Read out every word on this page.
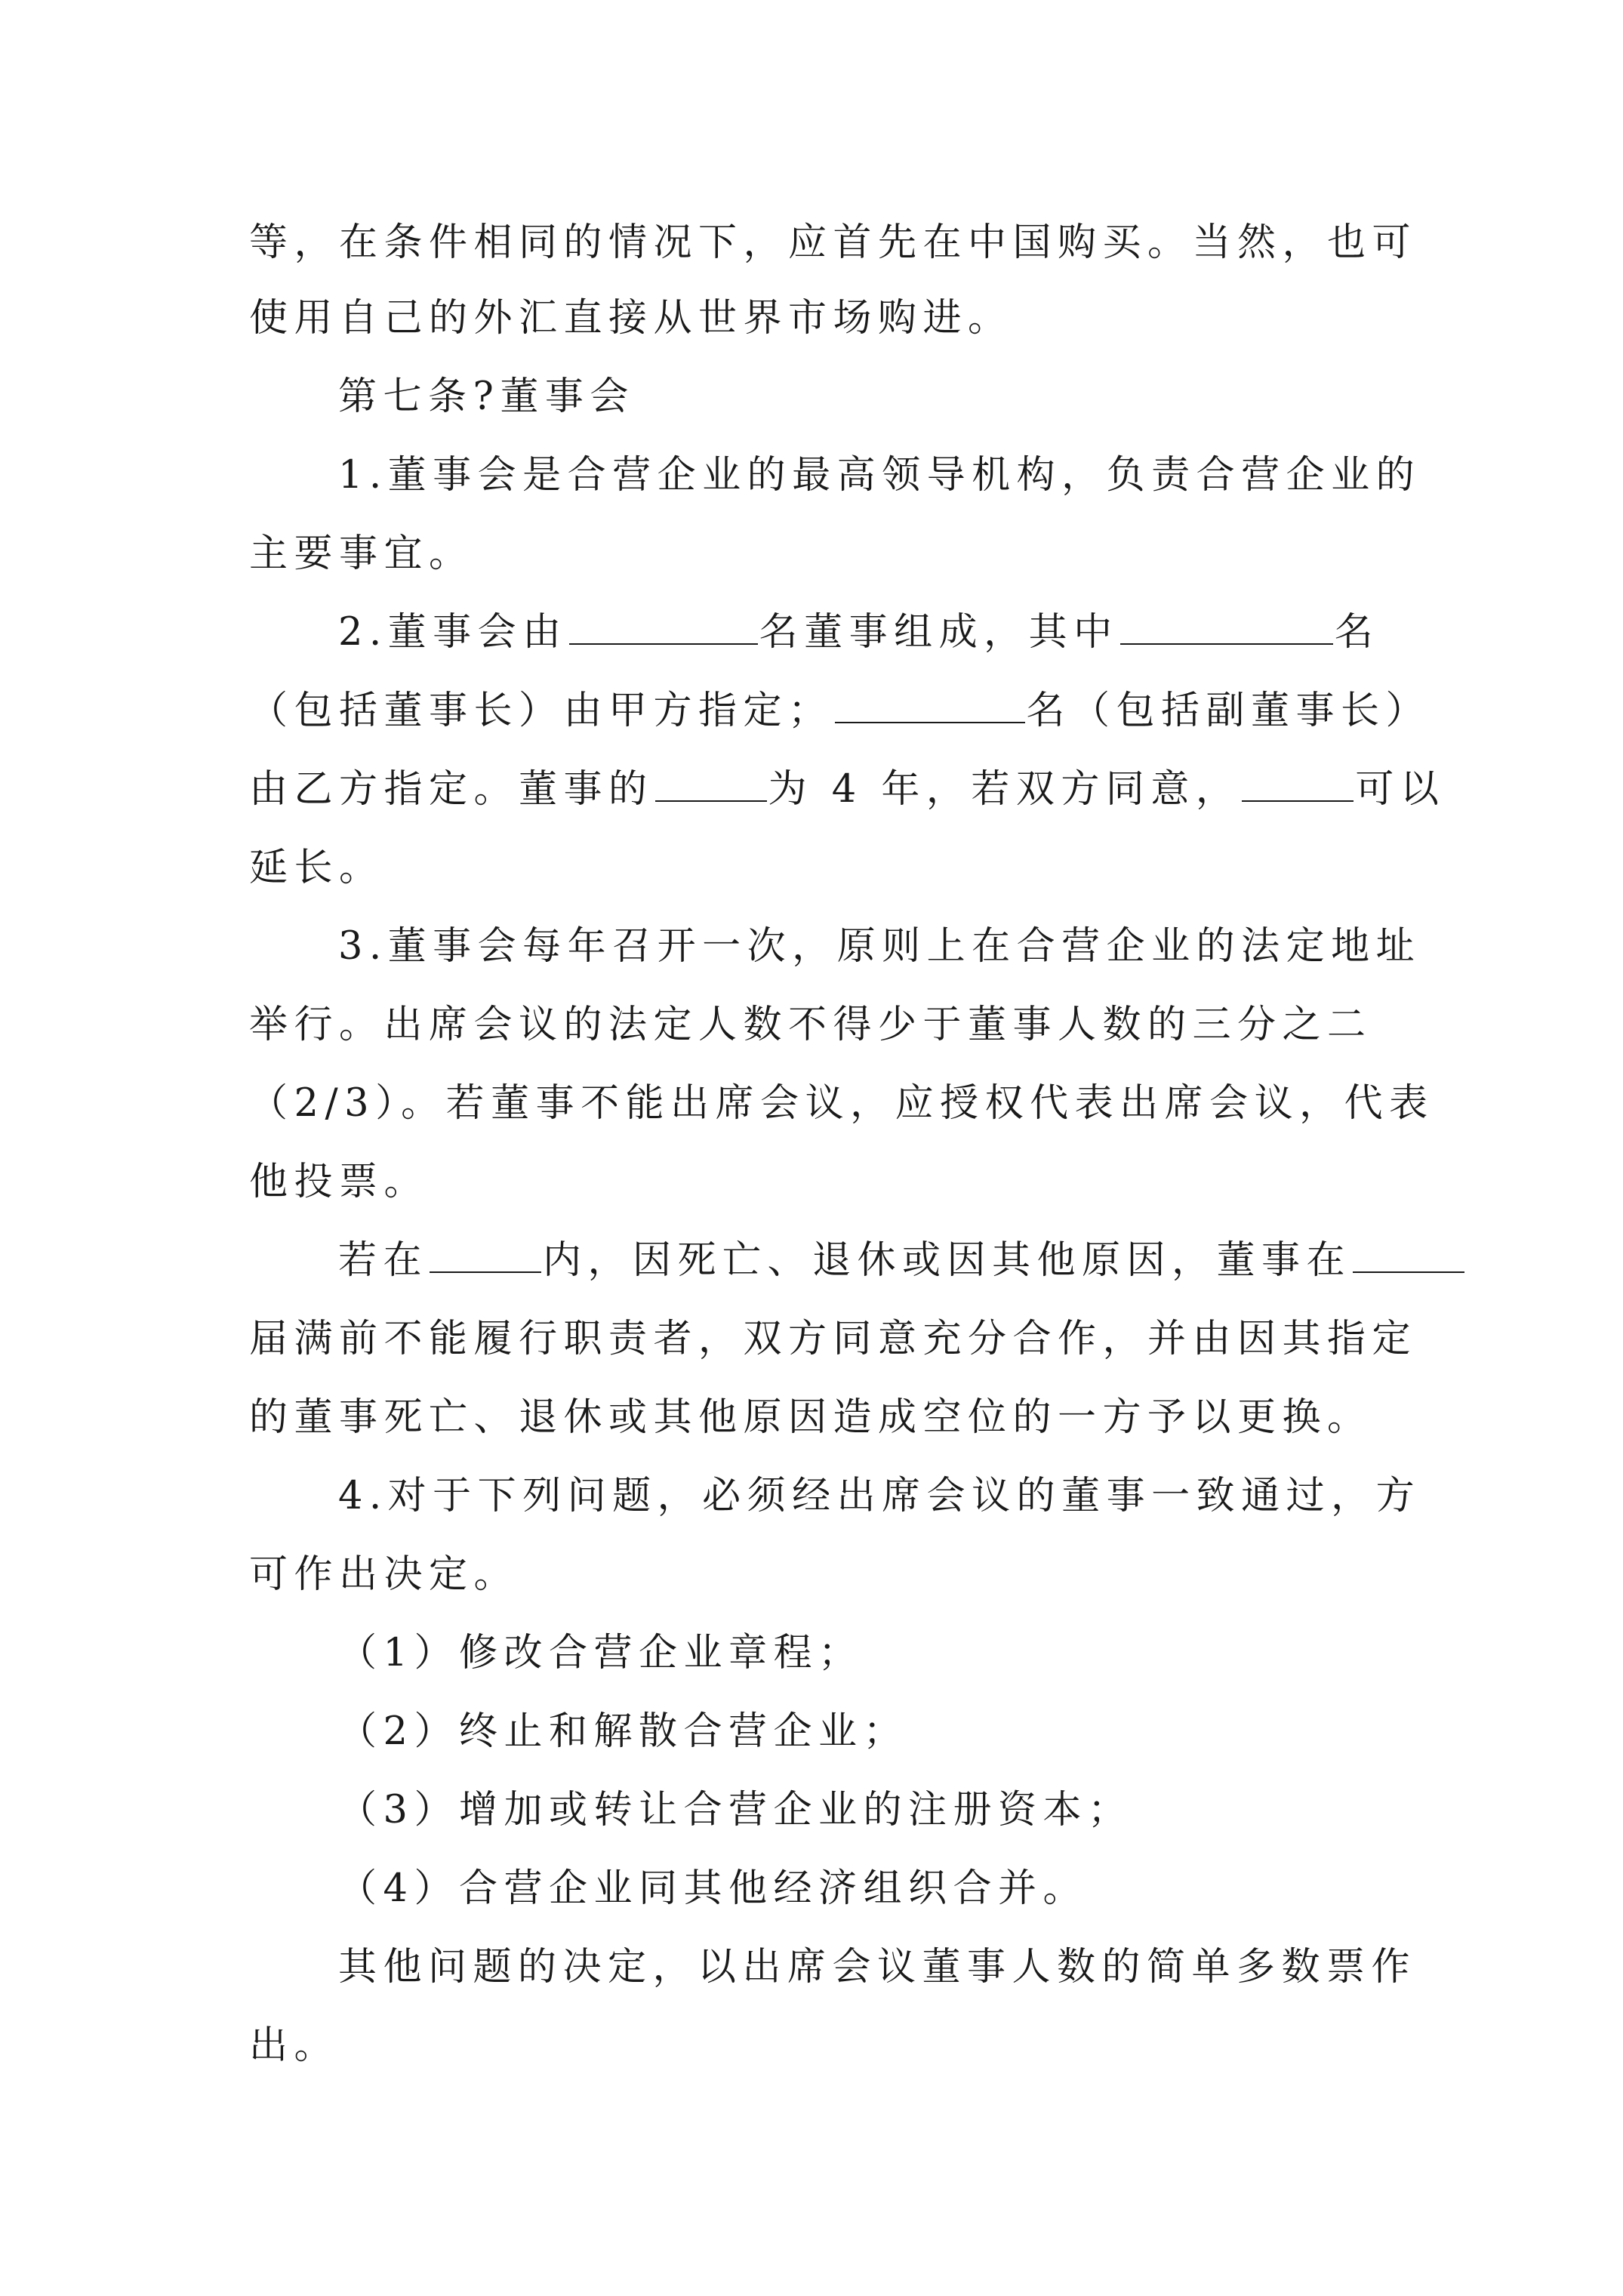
等，在条件相同的情况下，应首先在中国购买。当然，也可
使用自己的外汇直接从世界市场购进。
第七条?董事会
1.董事会是合营企业的最高领导机构，负责合营企业的
主要事宜。
2.董事会由	名董事组成，其中	名
（包括董事长）由甲方指定；	名（包括副董事长）
由乙方指定。董事的	为 4 年，若双方同意，	可以
延长。
3.董事会每年召开一次，原则上在合营企业的法定地址
举行。出席会议的法定人数不得少于董事人数的三分之二
（2/3）。若董事不能出席会议，应授权代表出席会议，代表
他投票。
若在	内，因死亡、退休或因其他原因，董事在
届满前不能履行职责者，双方同意充分合作，并由因其指定
的董事死亡、退休或其他原因造成空位的一方予以更换。
4.对于下列问题，必须经出席会议的董事一致通过，方
可作出决定。
（1）修改合营企业章程；
（2）终止和解散合营企业；
（3）增加或转让合营企业的注册资本；
（4）合营企业同其他经济组织合并。
其他问题的决定，以出席会议董事人数的简单多数票作
出。
